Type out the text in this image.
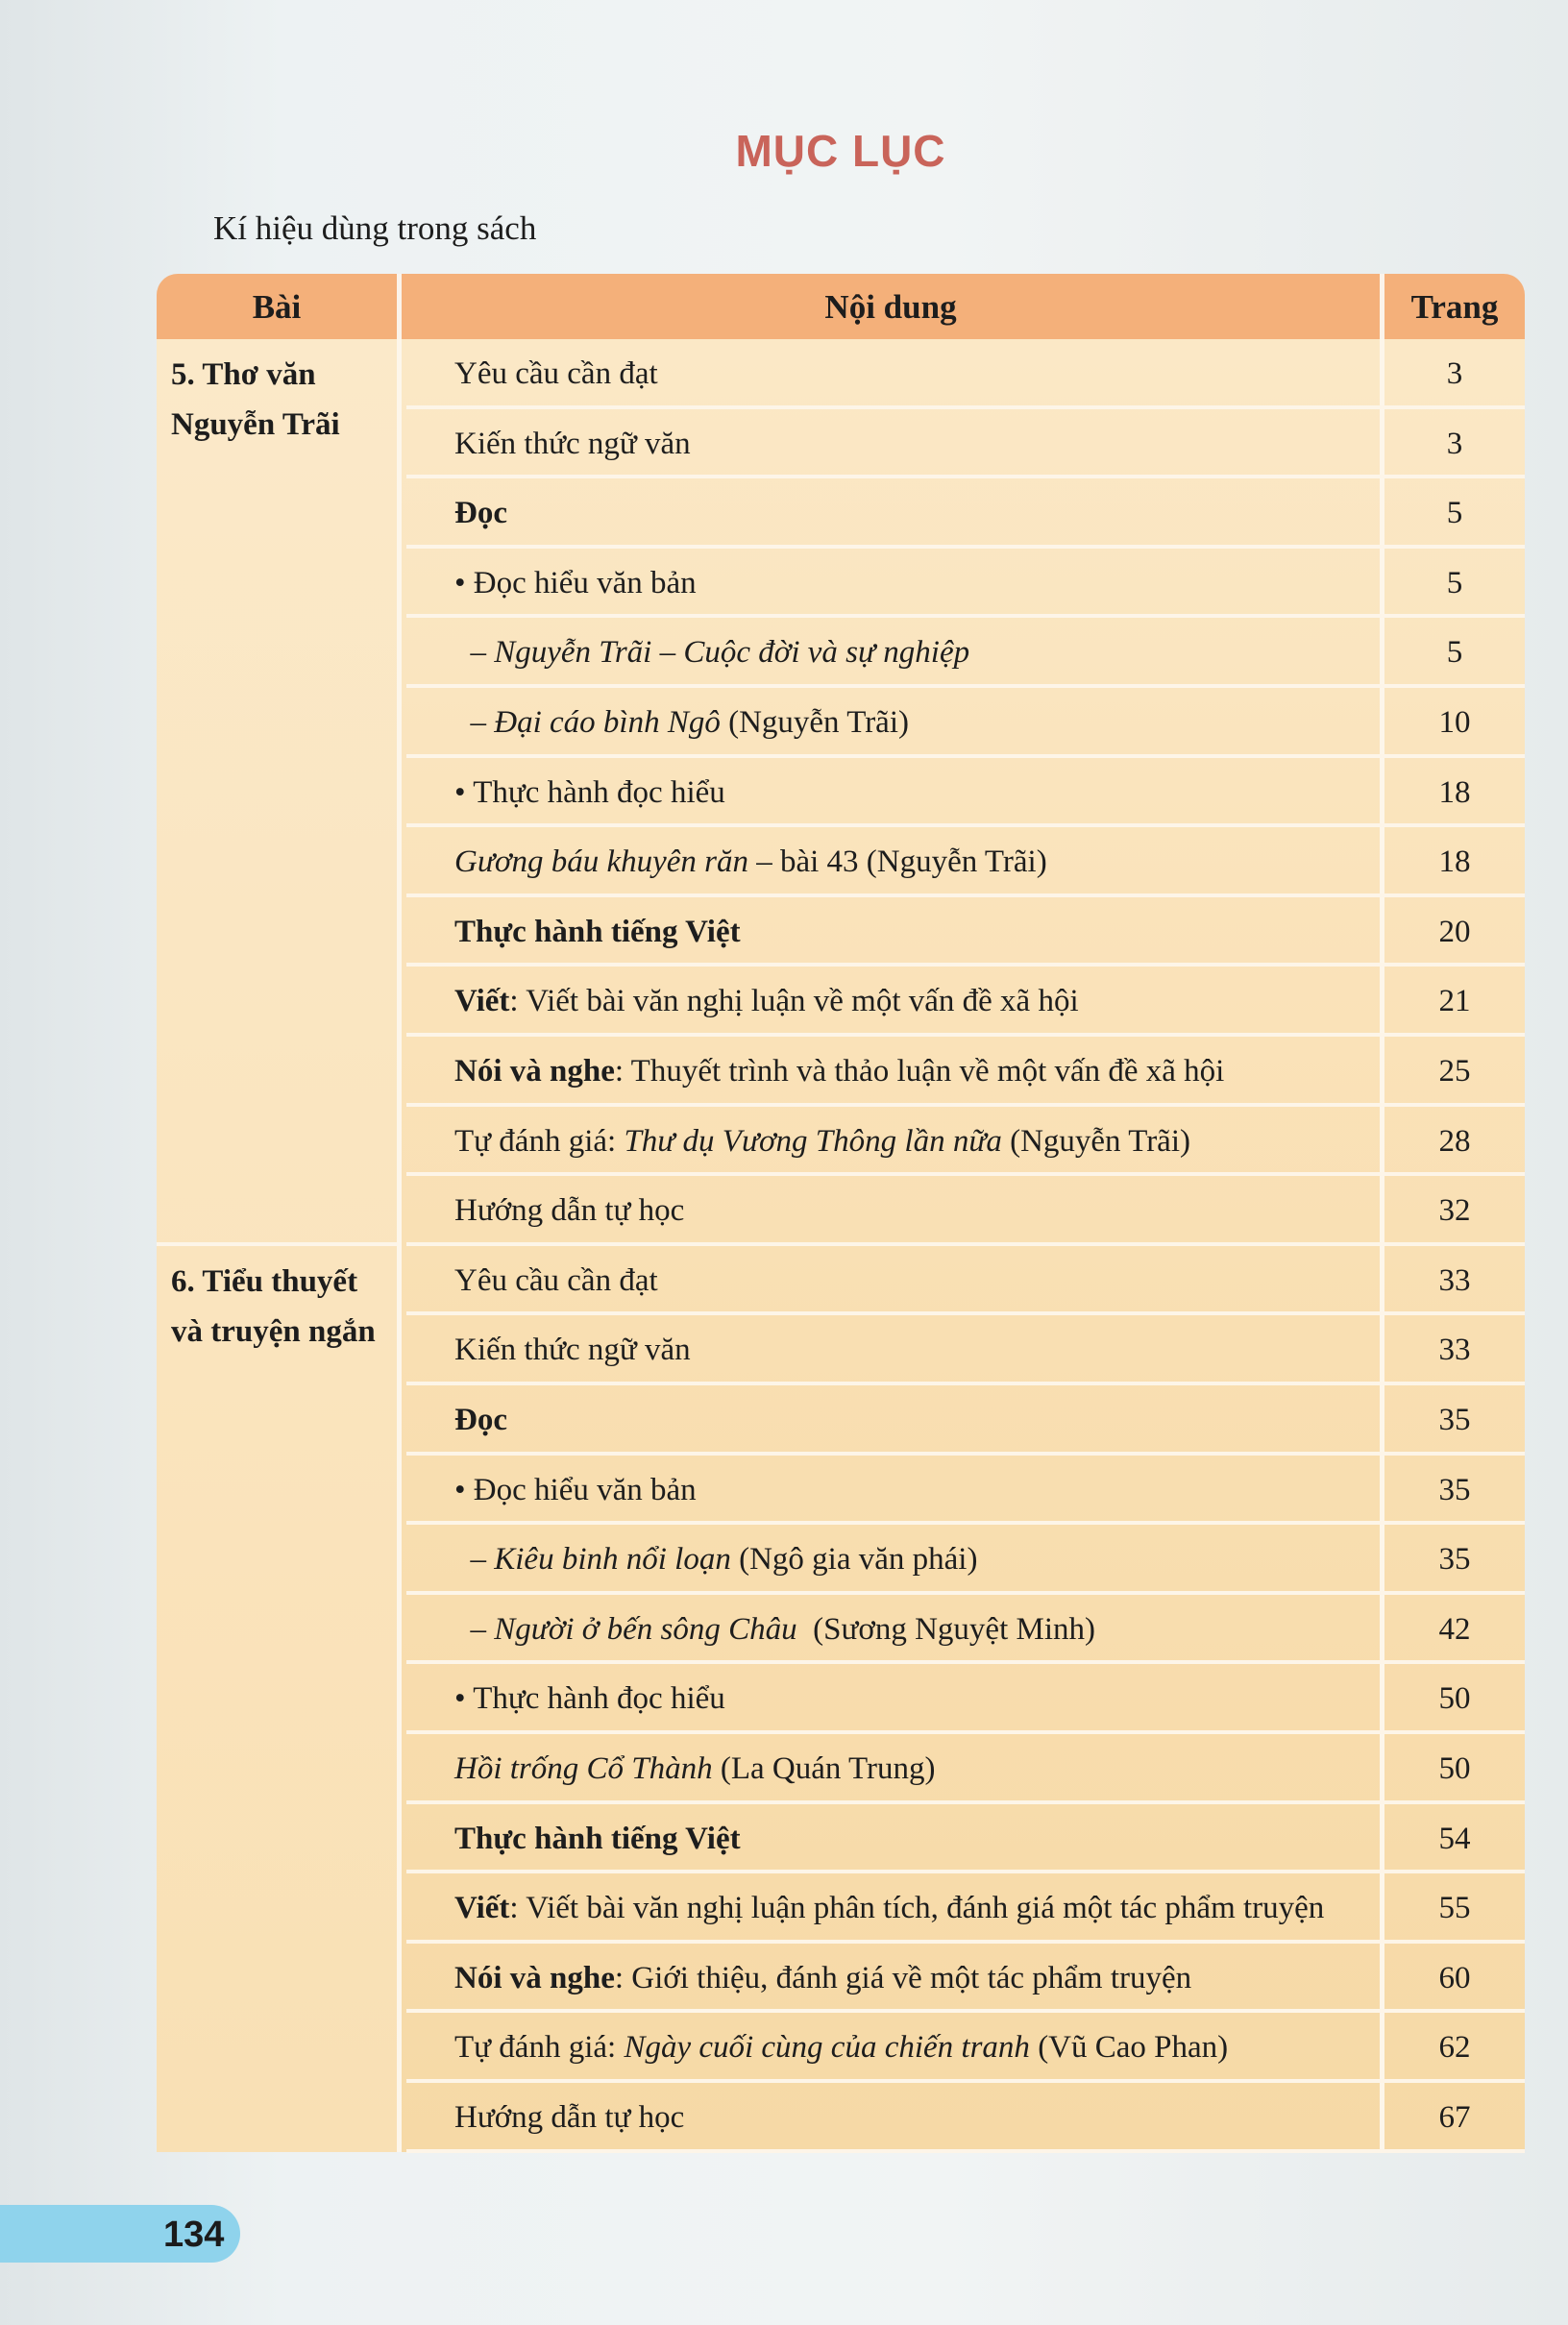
MỤC LỤC
Kí hiệu dùng trong sách
Bài	Nội dung	Trang
5. Thơ văn
Nguyễn Trãi
Yêu cầu cần đạt	3
Kiến thức ngữ văn	3
Đọc	5
• Đọc hiểu văn bản	5
– Nguyễn Trãi – Cuộc đời và sự nghiệp	5
– Đại cáo bình Ngô (Nguyễn Trãi)	10
• Thực hành đọc hiểu	18
Gương báu khuyên răn – bài 43 (Nguyễn Trãi)	18
Thực hành tiếng Việt	20
Viết: Viết bài văn nghị luận về một vấn đề xã hội	21
Nói và nghe: Thuyết trình và thảo luận về một vấn đề xã hội	25
Tự đánh giá: Thư dụ Vương Thông lần nữa (Nguyễn Trãi)	28
Hướng dẫn tự học	32
6. Tiểu thuyết
và truyện ngắn
Yêu cầu cần đạt	33
Kiến thức ngữ văn	33
Đọc	35
• Đọc hiểu văn bản	35
– Kiêu binh nổi loạn (Ngô gia văn phái)	35
– Người ở bến sông Châu  (Sương Nguyệt Minh)	42
• Thực hành đọc hiểu	50
Hồi trống Cổ Thành (La Quán Trung)	50
Thực hành tiếng Việt	54
Viết: Viết bài văn nghị luận phân tích, đánh giá một tác phẩm truyện	55
Nói và nghe: Giới thiệu, đánh giá về một tác phẩm truyện	60
Tự đánh giá: Ngày cuối cùng của chiến tranh (Vũ Cao Phan)	62
Hướng dẫn tự học	67
134
